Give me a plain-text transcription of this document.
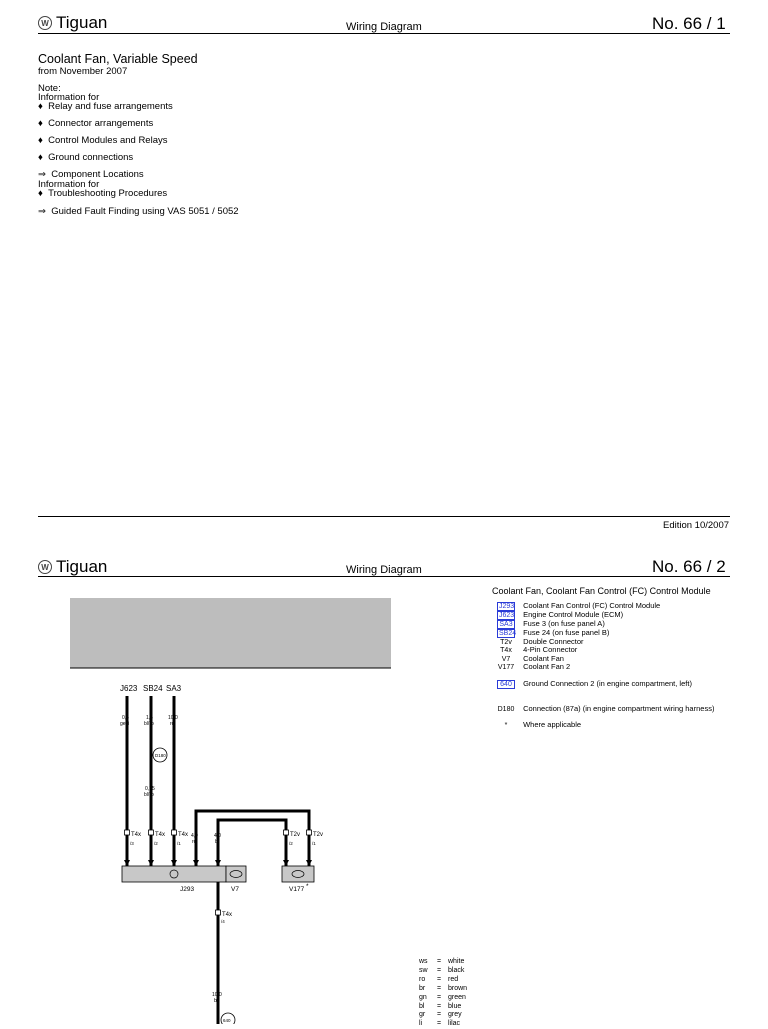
W Tiguan	Wiring Diagram	No. 66 / 1
Coolant Fan, Variable Speed
from November 2007
Note:
Information for
♦  Relay and fuse arrangements
♦  Connector arrangements
♦  Control Modules and Relays
♦  Ground connections
⇒  Component Locations
Information for
♦  Troubleshooting Procedures
⇒  Guided Fault Finding using VAS 5051 / 5052
Edition 10/2007
W Tiguan	Wiring Diagram	No. 66 / 2
Coolant Fan, Coolant Fan Control (FC) Control Module
J293 Coolant Fan Control (FC) Control Module
J623 Engine Control Module (ECM)
SA3 Fuse 3 (on fuse panel A)
SB24 Fuse 24 (on fuse panel B)
T2v Double Connector
T4x 4-Pin Connector
V7 Coolant Fan
V177 Coolant Fan 2
640 Ground Connection 2 (in engine compartment, left)
D180 Connection (87a) (in engine compartment wiring harness)
* Where applicable
ws = white
sw = black
ro = red
br = brown
gn = green
bl = blue
gr = grey
li = lilac
J623 SB24 SA3
0,5
ge/li
1,5
bl/ro
10,0
ro
D180
0,75
bl/ro
4,0
ro
4,0
br
T4x T4x T4x	T2v T2v
/3	/2	/1	/2	/1
J293	V7	V177 *
T4x
/4
10,0
br
640
